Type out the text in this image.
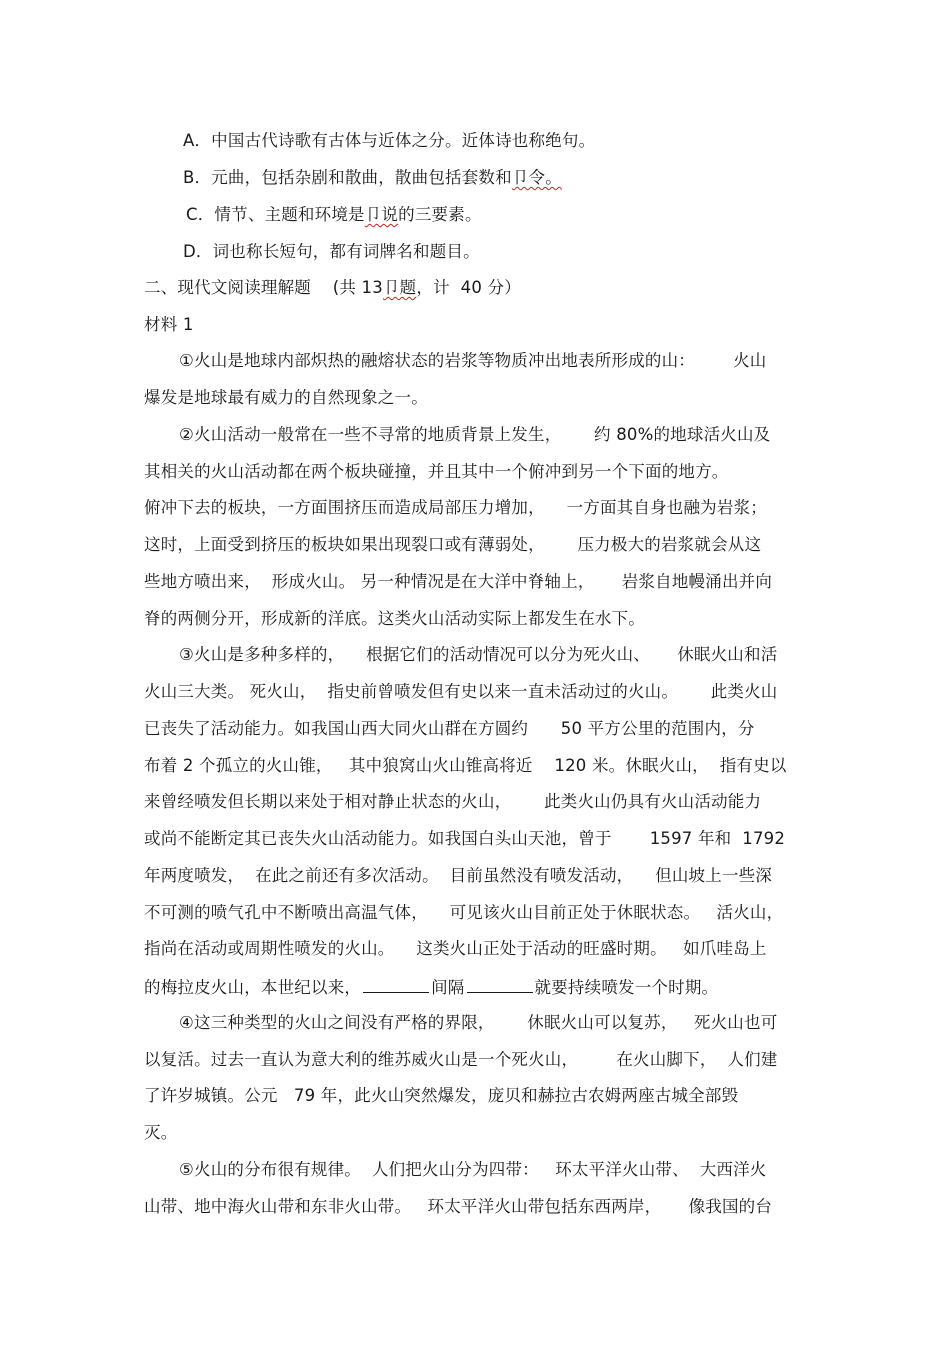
A．中国古代诗歌有古体与近体之分。近体诗也称绝句。
B．元曲，包括杂剧和散曲，散曲包括套数和卩令。
C．情节、主题和环境是卩说的三要素。
D．词也称长短句，都有词牌名和题目。
二、现代文阅读理解题    (共 13卩题，计  40 分）
材料 1
①火山是地球内部炽热的融熔状态的岩浆等物质冲出地表所形成的山：       火山
爆发是地球最有威力的自然现象之一。
②火山活动一般常在一些不寻常的地质背景上发生，      约 80%的地球活火山及
其相关的火山活动都在两个板块碰撞，并且其中一个俯冲到另一个下面的地方。
俯冲下去的板块，一方面围挤压而造成局部压力增加，    一方面其自身也融为岩浆；
这时，上面受到挤压的板块如果出现裂口或有薄弱处，      压力极大的岩浆就会从这
些地方喷出来，  形成火山。 另一种情况是在大洋中脊轴上，     岩浆自地幔涌出并向
脊的两侧分开，形成新的洋底。这类火山活动实际上都发生在水下。
③火山是多种多样的，    根据它们的活动情况可以分为死火山、     休眠火山和活
火山三大类。 死火山，  指史前曾喷发但有史以来一直未活动过的火山。      此类火山
已丧失了活动能力。如我国山西大同火山群在方圆约      50 平方公里的范围内，分
布着 2 个孤立的火山锥，   其中狼窝山火山锥高将近    120 米。休眠火山，  指有史以
来曾经喷发但长期以来处于相对静止状态的火山，      此类火山仍具有火山活动能力
或尚不能断定其已丧失火山活动能力。如我国白头山天池，曾于       1597 年和  1792
年两度喷发，  在此之前还有多次活动。  目前虽然没有喷发活动，    但山坡上一些深
不可测的喷气孔中不断喷出高温气体，    可见该火山目前正处于休眠状态。   活火山，
指尚在活动或周期性喷发的火山。    这类火山正处于活动的旺盛时期。   如爪哇岛上
的梅拉皮火山，本世纪以来，	间隔	就要持续喷发一个时期。
④这三种类型的火山之间没有严格的界限，      休眠火山可以复苏，   死火山也可
以复活。过去一直认为意大利的维苏威火山是一个死火山，       在火山脚下，  人们建
了许岁城镇。公元   79 年，此火山突然爆发，庞贝和赫拉古农姆两座古城全部毁
灭。
⑤火山的分布很有规律。  人们把火山分为四带：   环太平洋火山带、  大西洋火
山带、地中海火山带和东非火山带。   环太平洋火山带包括东西两岸，     像我国的台
